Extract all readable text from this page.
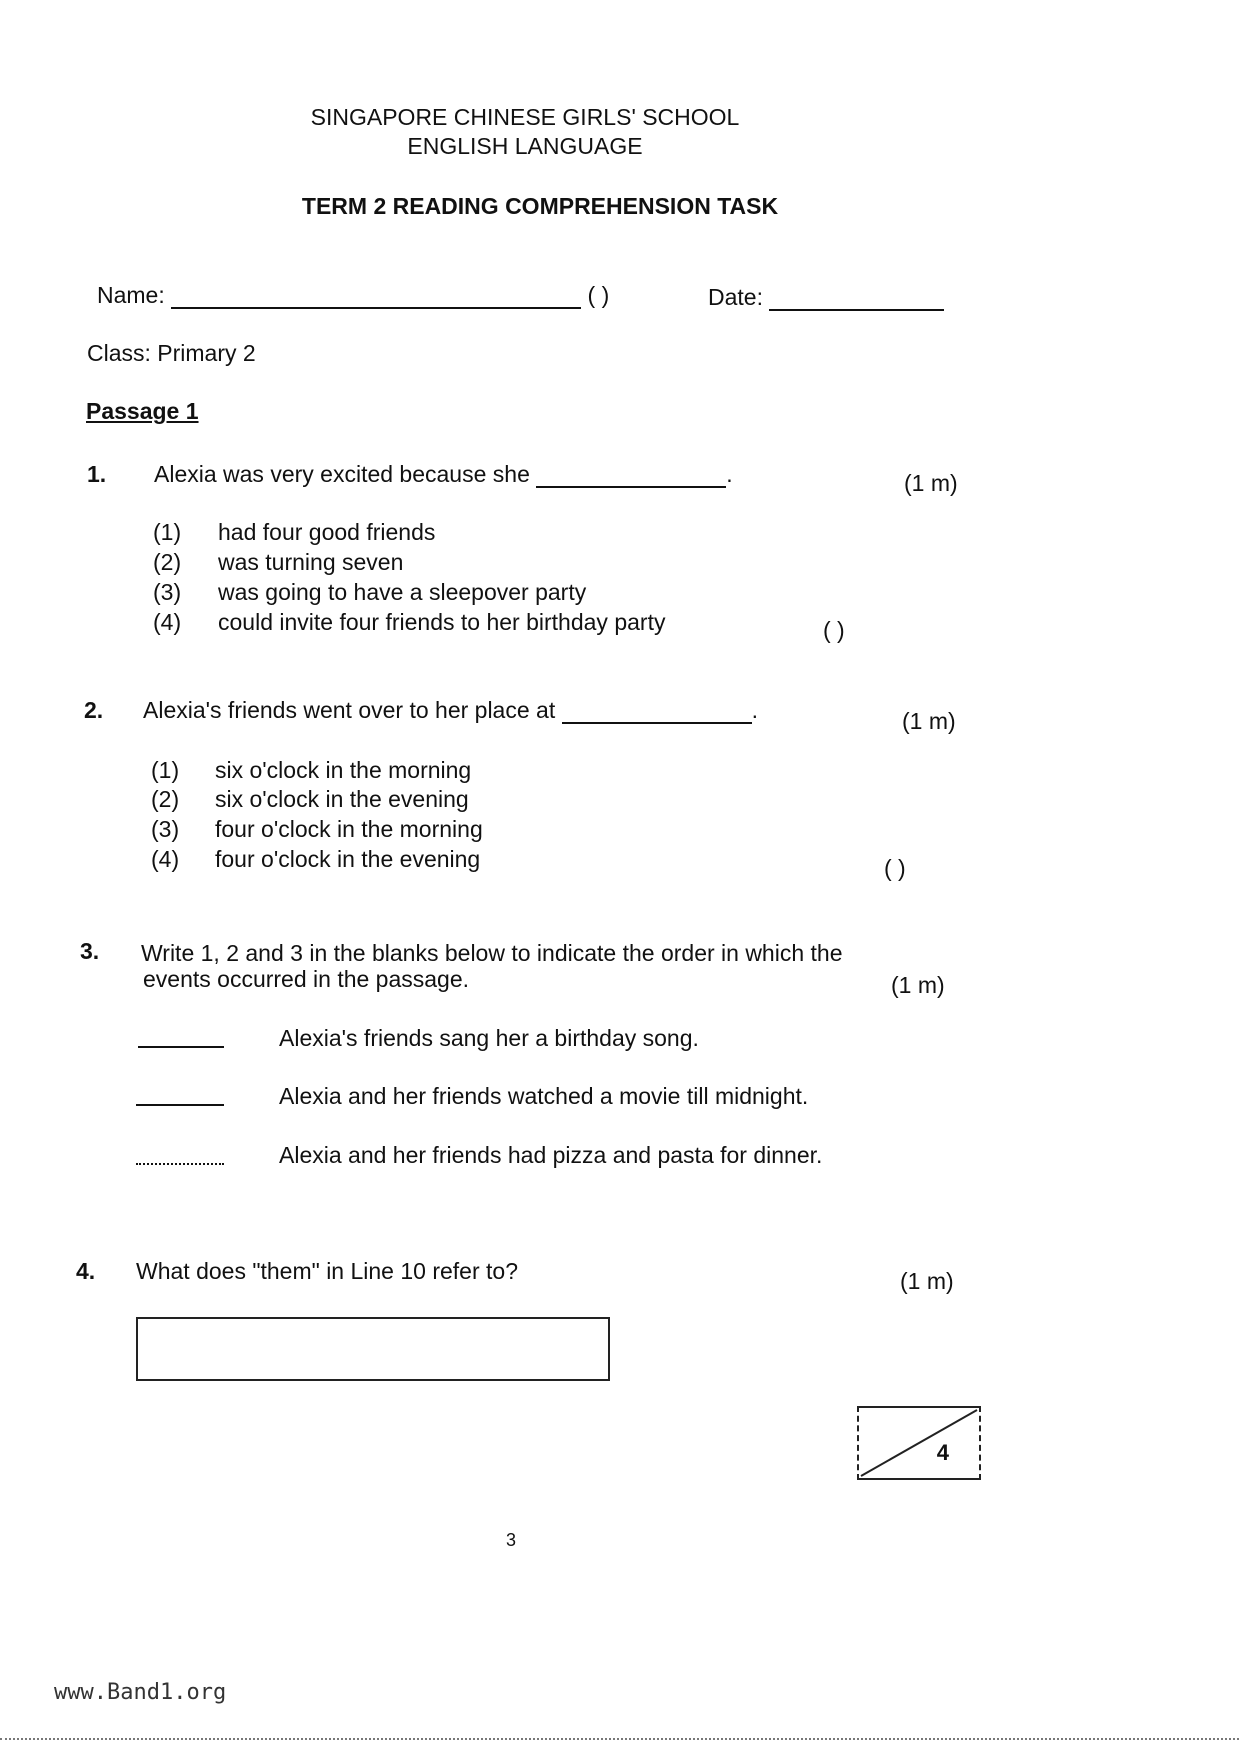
SINGAPORE CHINESE GIRLS' SCHOOL
ENGLISH LANGUAGE
TERM 2 READING COMPREHENSION TASK
Name:	( )	Date:
Class: Primary 2
Passage 1
1. Alexia was very excited because she	.	(1 m)
(1) had four good friends
(2) was turning seven
(3) was going to have a sleepover party
(4) could invite four friends to her birthday party	( )
2. Alexia's friends went over to her place at	.	(1 m)
(1) six o'clock in the morning
(2) six o'clock in the evening
(3) four o'clock in the morning
(4) four o'clock in the evening	( )
3. Write 1, 2 and 3 in the blanks below to indicate the order in which the
events occurred in the passage.	(1 m)
Alexia's friends sang her a birthday song.
Alexia and her friends watched a movie till midnight.
Alexia and her friends had pizza and pasta for dinner.
4. What does "them" in Line 10 refer to?	(1 m)
4
3
www.Band1.org
